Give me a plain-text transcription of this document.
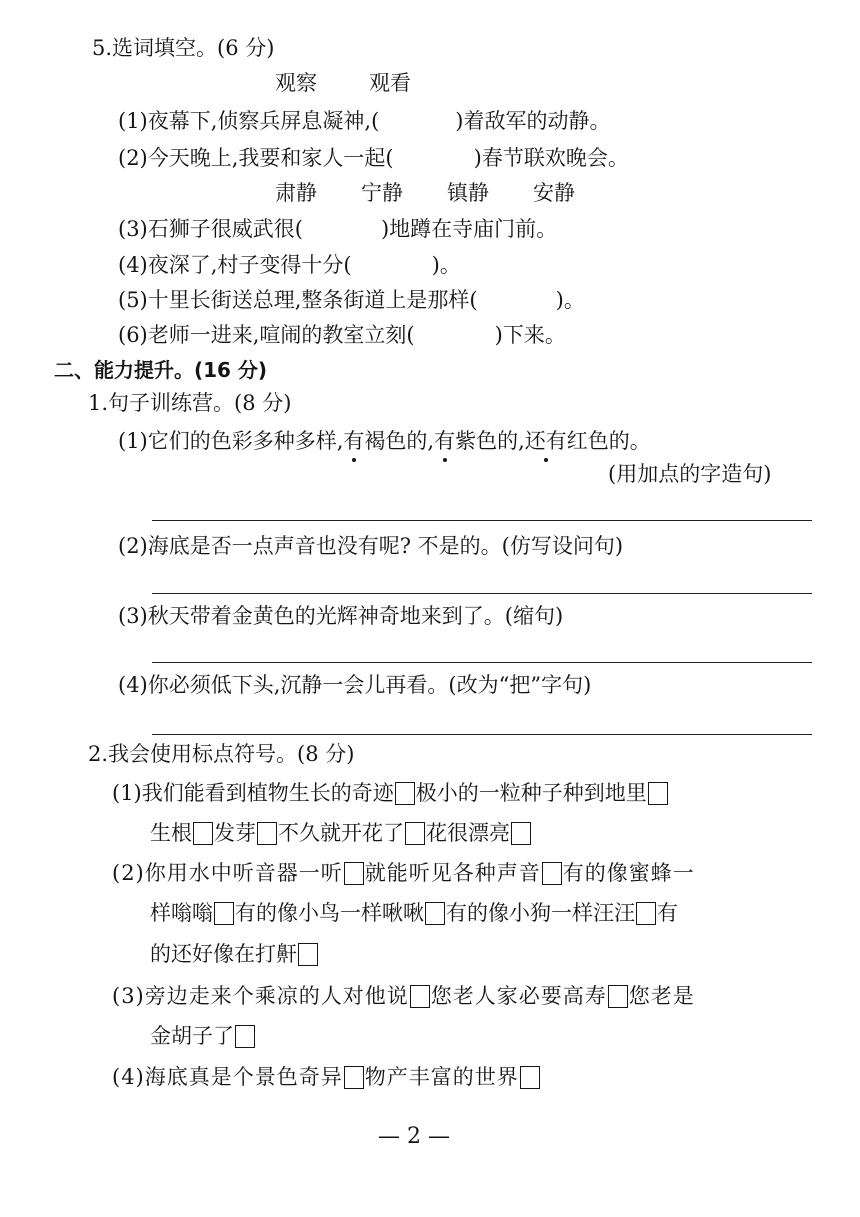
5.选词填空。(6 分)
观察 观看
(1)夜幕下,侦察兵屏息凝神,(	)着敌军的动静。
(2)今天晚上,我要和家人一起(	)春节联欢晚会。
肃静 宁静 镇静 安静
(3)石狮子很威武很(	)地蹲在寺庙门前。
(4)夜深了,村子变得十分(	)。
(5)十里长街送总理,整条街道上是那样(	)。
(6)老师一进来,喧闹的教室立刻(	)下来。
二、能力提升。(16 分)
1.句子训练营。(8 分)
(1)它们的色彩多种多样,有褐色的,有紫色的,还有红色的。
(用加点的字造句)
(2)海底是否一点声音也没有呢? 不是的。(仿写设问句)
(3)秋天带着金黄色的光辉神奇地来到了。(缩句)
(4)你必须低下头,沉静一会儿再看。(改为“把”字句)
2.我会使用标点符号。(8 分)
(1)我们能看到植物生长的奇迹 极小的一粒种子种到地里
生根 发芽 不久就开花了 花很漂亮
(2)你用水中听音器一听 就能听见各种声音 有的像蜜蜂一
样嗡嗡 有的像小鸟一样啾啾 有的像小狗一样汪汪 有
的还好像在打鼾
(3)旁边走来个乘凉的人对他说 您老人家必要高寿 您老是
金胡子了
(4)海底真是个景色奇异 物产丰富的世界
— 2 —
